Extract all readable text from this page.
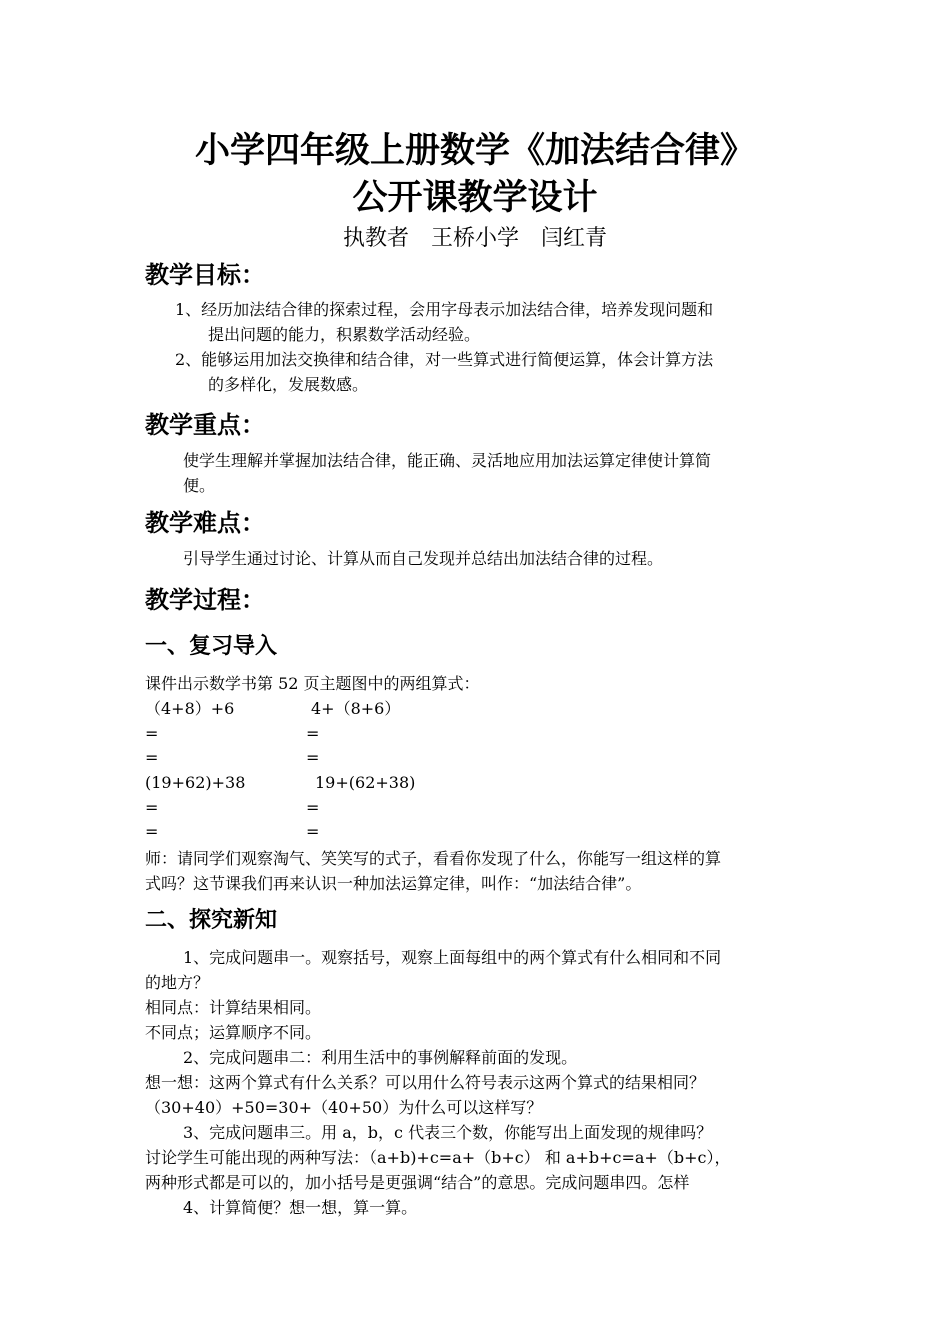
小学四年级上册数学《加法结合律》
公开课教学设计
执教者　王桥小学　闫红青
教学目标：
1、经历加法结合律的探索过程，会用字母表示加法结合律，培养发现问题和
提出问题的能力，积累数学活动经验。
2、能够运用加法交换律和结合律，对一些算式进行简便运算，体会计算方法
的多样化，发展数感。
教学重点：
使学生理解并掌握加法结合律，能正确、灵活地应用加法运算定律使计算简
便。
教学难点：
引导学生通过讨论、计算从而自己发现并总结出加法结合律的过程。
教学过程：
一、复习导入
课件出示数学书第 52 页主题图中的两组算式：
（4+8）+6
=
=
(19+62)+38
=
=
4+（8+6）
=
=
19+(62+38)
=
=
师：请同学们观察淘气、笑笑写的式子，看看你发现了什么，你能写一组这样的算
式吗？这节课我们再来认识一种加法运算定律，叫作：“加法结合律”。
二、探究新知
1、完成问题串一。观察括号，观察上面每组中的两个算式有什么相同和不同
的地方？
相同点：计算结果相同。
不同点；运算顺序不同。
2、完成问题串二：利用生活中的事例解释前面的发现。
想一想：这两个算式有什么关系？可以用什么符号表示这两个算式的结果相同？
（30+40）+50=30+（40+50）为什么可以这样写？
3、完成问题串三。用 a，b，c 代表三个数，你能写出上面发现的规律吗？
讨论学生可能出现的两种写法：（a+b)+c=a+（b+c） 和 a+b+c=a+（b+c），
两种形式都是可以的，加小括号是更强调“结合”的意思。完成问题串四。怎样
4、计算简便？想一想，算一算。
